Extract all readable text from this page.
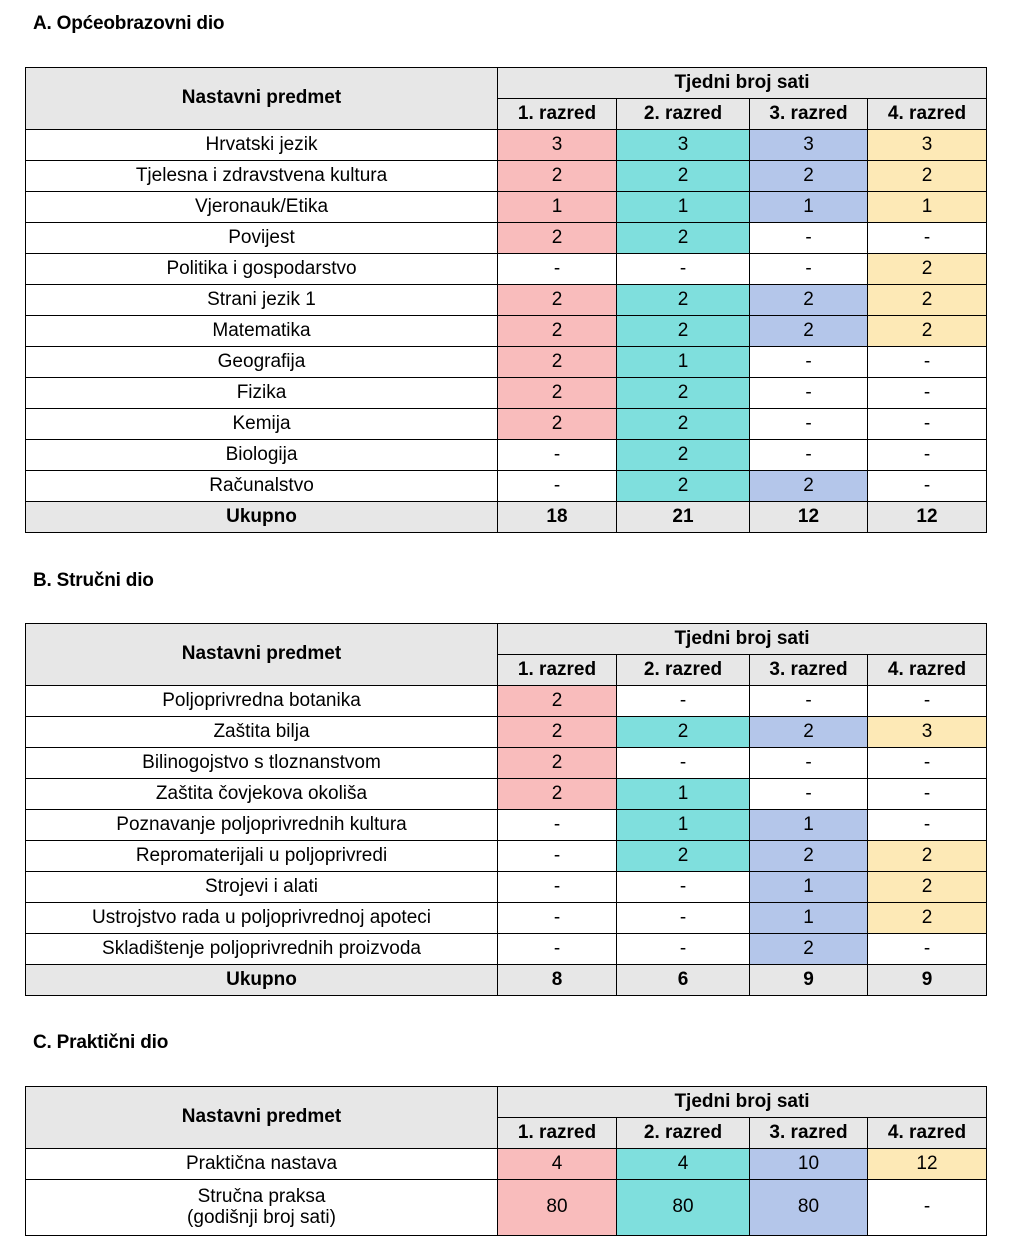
A. Općeobrazovni dio
Nastavni predmet	Tjedni broj sati			
	1. razred	2. razred	3. razred	4. razred
Hrvatski jezik	3	3	3	3
Tjelesna i zdravstvena kultura	2	2	2	2
Vjeronauk/Etika	1	1	1	1
Povijest	2	2	-	-
Politika i gospodarstvo	-	-	-	2
Strani jezik 1	2	2	2	2
Matematika	2	2	2	2
Geografija	2	1	-	-
Fizika	2	2	-	-
Kemija	2	2	-	-
Biologija	-	2	-	-
Računalstvo	-	2	2	-
Ukupno	18	21	12	12
B. Stručni dio
Nastavni predmet	Tjedni broj sati			
	1. razred	2. razred	3. razred	4. razred
Poljoprivredna botanika	2	-	-	-
Zaštita bilja	2	2	2	3
Bilinogojstvo s tloznanstvom	2	-	-	-
Zaštita čovjekova okoliša	2	1	-	-
Poznavanje poljoprivrednih kultura	-	1	1	-
Repromaterijali u poljoprivredi	-	2	2	2
Strojevi i alati	-	-	1	2
Ustrojstvo rada u poljoprivrednoj apoteci	-	-	1	2
Skladištenje poljoprivrednih proizvoda	-	-	2	-
Ukupno	8	6	9	9
C. Praktični dio
Nastavni predmet	Tjedni broj sati			
	1. razred	2. razred	3. razred	4. razred
Praktična nastava	4	4	10	12

Stručna praksa
(godišnji broj sati)	80	80	80	-
